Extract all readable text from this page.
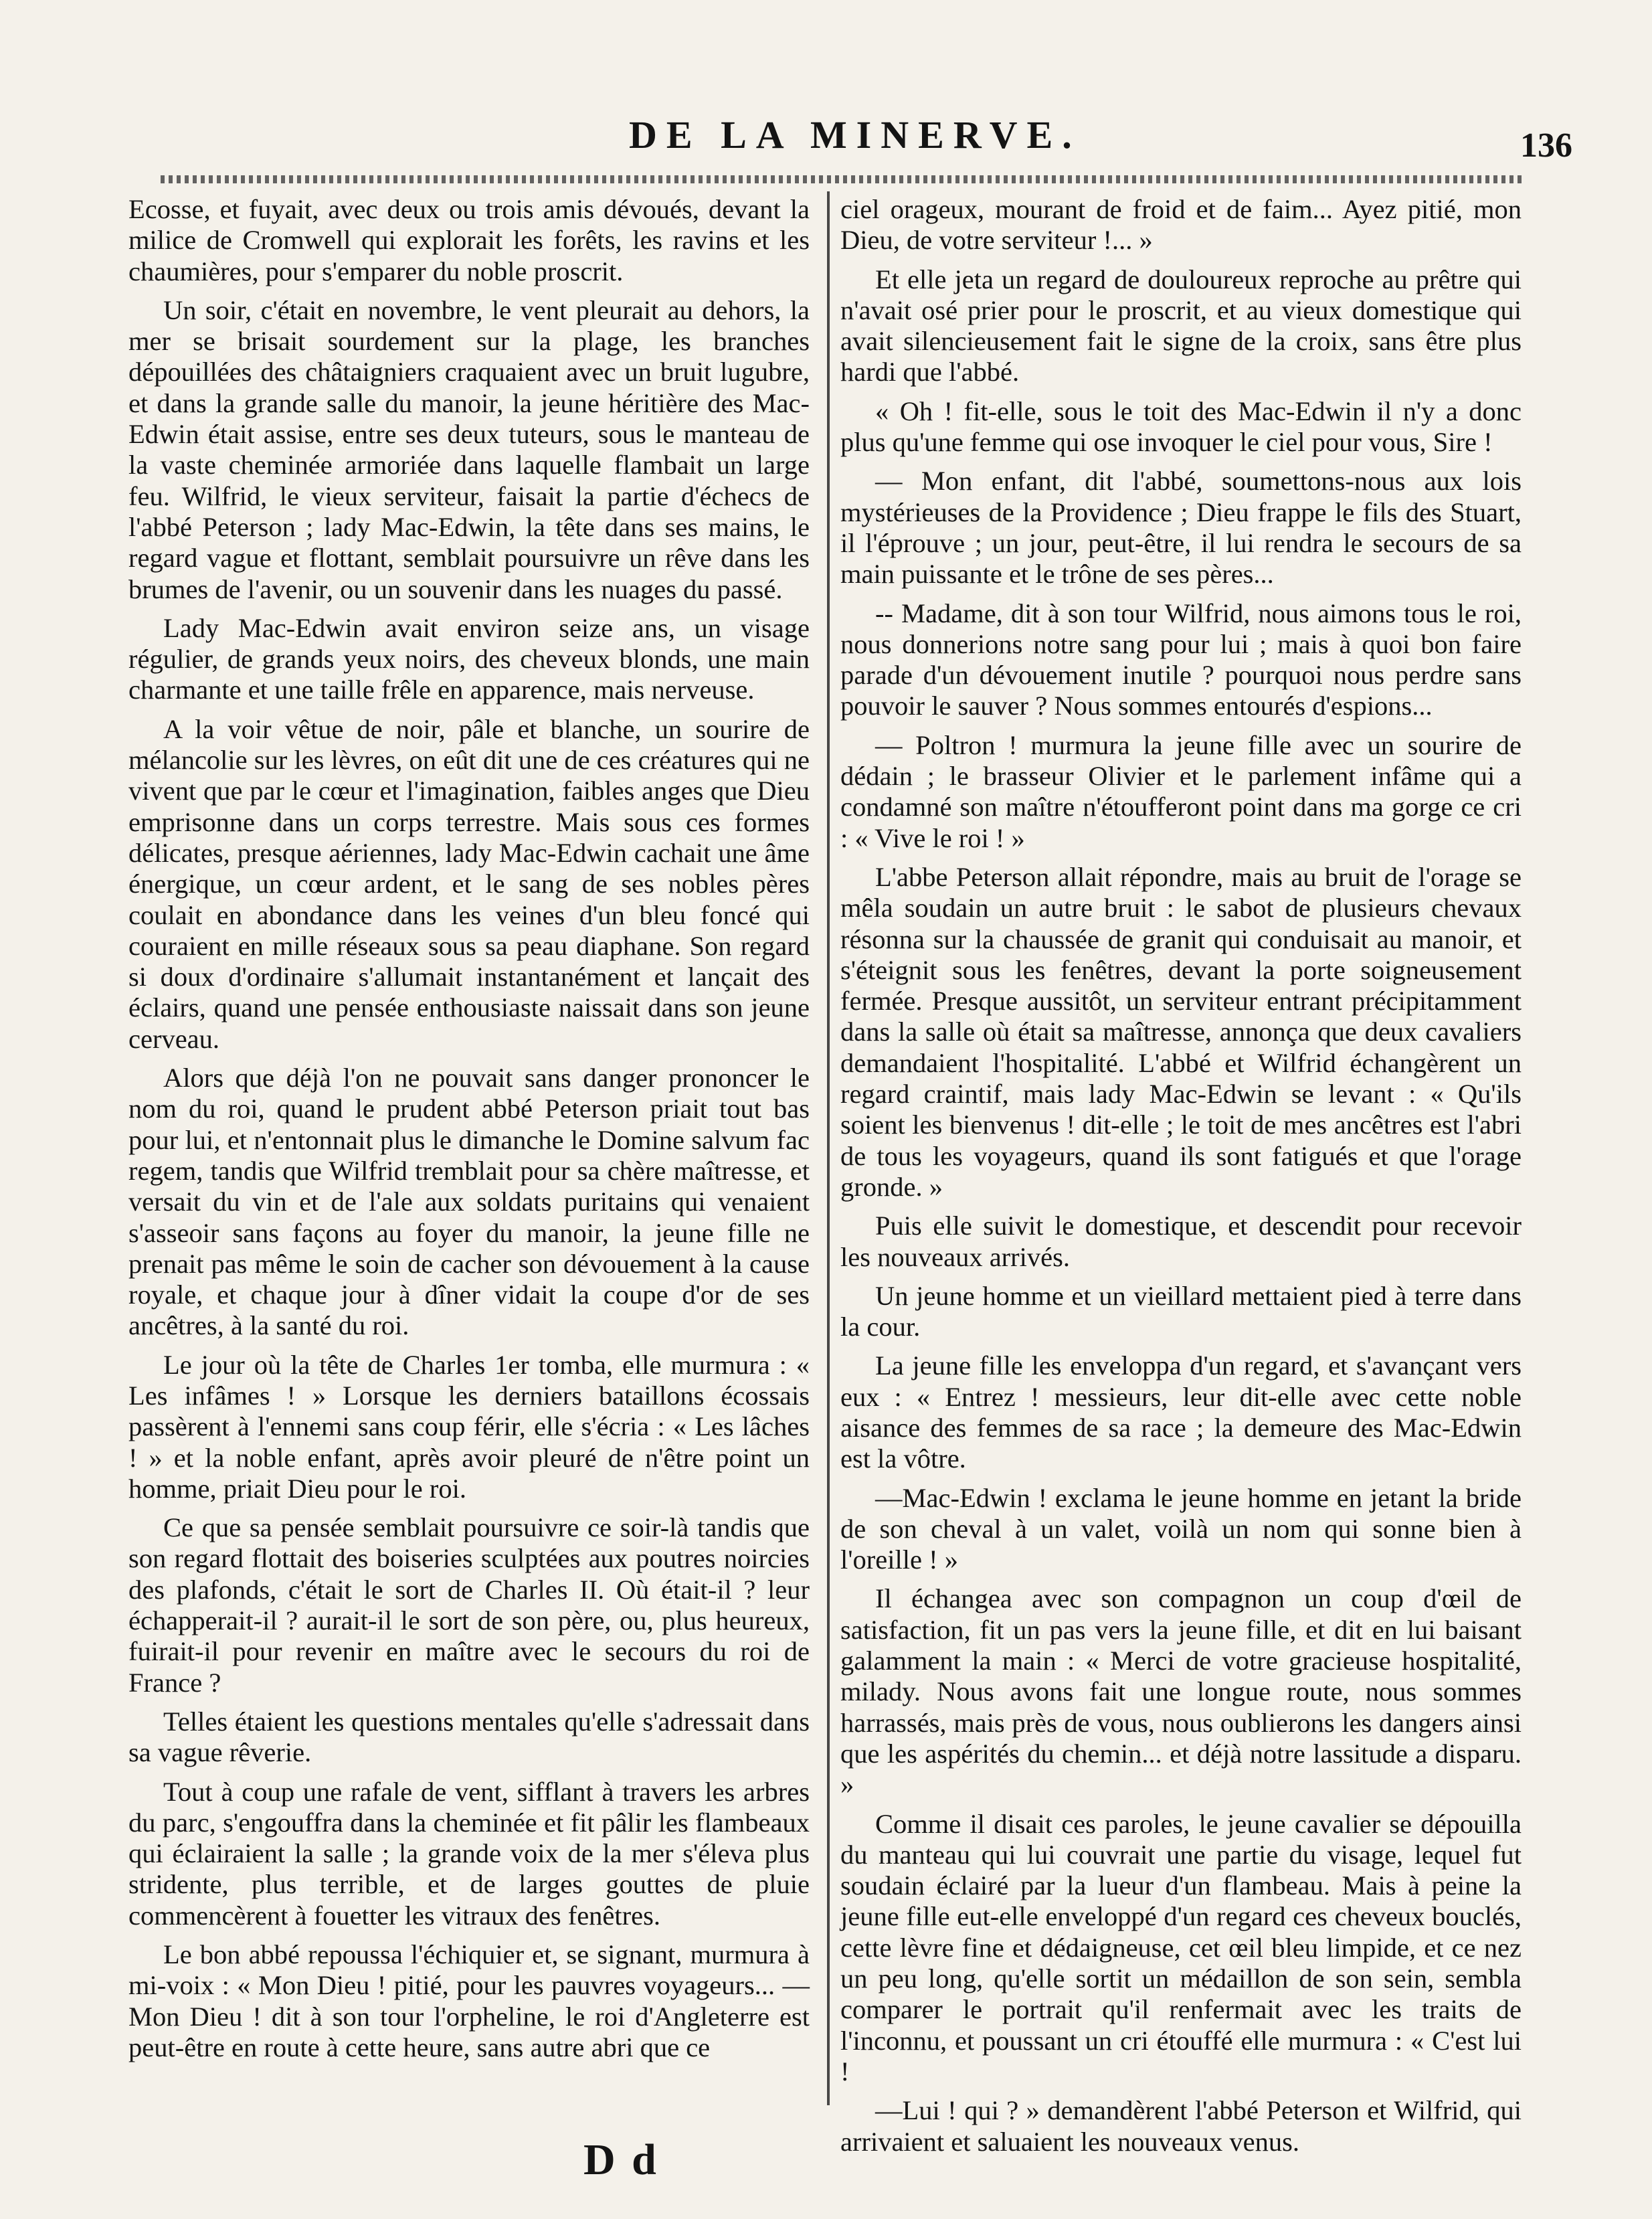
DE LA MINERVE.	136

Ecosse, et fuyait, avec deux ou trois amis dévoués, devant la milice de Cromwell qui explorait les forêts, les ravins et les chaumières, pour s'emparer du noble proscrit.

Un soir, c'était en novembre, le vent pleurait au dehors, la mer se brisait sourdement sur la plage, les branches dépouillées des châtaigniers craquaient avec un bruit lugubre, et dans la grande salle du manoir, la jeune héritière des Mac-Edwin était assise, entre ses deux tuteurs, sous le manteau de la vaste cheminée armoriée dans laquelle flambait un large feu. Wilfrid, le vieux serviteur, faisait la partie d'échecs de l'abbé Peterson ; lady Mac-Edwin, la tête dans ses mains, le regard vague et flottant, semblait poursuivre un rêve dans les brumes de l'avenir, ou un souvenir dans les nuages du passé.

Lady Mac-Edwin avait environ seize ans, un visage régulier, de grands yeux noirs, des cheveux blonds, une main charmante et une taille frêle en apparence, mais nerveuse.

A la voir vêtue de noir, pâle et blanche, un sourire de mélancolie sur les lèvres, on eût dit une de ces créatures qui ne vivent que par le cœur et l'imagination, faibles anges que Dieu emprisonne dans un corps terrestre. Mais sous ces formes délicates, presque aériennes, lady Mac-Edwin cachait une âme énergique, un cœur ardent, et le sang de ses nobles pères coulait en abondance dans les veines d'un bleu foncé qui couraient en mille réseaux sous sa peau diaphane. Son regard si doux d'ordinaire s'allumait instantanément et lançait des éclairs, quand une pensée enthousiaste naissait dans son jeune cerveau.

Alors que déjà l'on ne pouvait sans danger prononcer le nom du roi, quand le prudent abbé Peterson priait tout bas pour lui, et n'entonnait plus le dimanche le Domine salvum fac regem, tandis que Wilfrid tremblait pour sa chère maîtresse, et versait du vin et de l'ale aux soldats puritains qui venaient s'asseoir sans façons au foyer du manoir, la jeune fille ne prenait pas même le soin de cacher son dévouement à la cause royale, et chaque jour à dîner vidait la coupe d'or de ses ancêtres, à la santé du roi.

Le jour où la tête de Charles 1er tomba, elle murmura : « Les infâmes ! » Lorsque les derniers bataillons écossais passèrent à l'ennemi sans coup férir, elle s'écria : « Les lâches ! » et la noble enfant, après avoir pleuré de n'être point un homme, priait Dieu pour le roi.

Ce que sa pensée semblait poursuivre ce soir-là tandis que son regard flottait des boiseries sculptées aux poutres noircies des plafonds, c'était le sort de Charles II. Où était-il ? leur échapperait-il ? aurait-il le sort de son père, ou, plus heureux, fuirait-il pour revenir en maître avec le secours du roi de France ?

Telles étaient les questions mentales qu'elle s'adressait dans sa vague rêverie.

Tout à coup une rafale de vent, sifflant à travers les arbres du parc, s'engouffra dans la cheminée et fit pâlir les flambeaux qui éclairaient la salle ; la grande voix de la mer s'éleva plus stridente, plus terrible, et de larges gouttes de pluie commencèrent à fouetter les vitraux des fenêtres.

Le bon abbé repoussa l'échiquier et, se signant, murmura à mi-voix : « Mon Dieu ! pitié, pour les pauvres voyageurs... —Mon Dieu ! dit à son tour l'orpheline, le roi d'Angleterre est peut-être en route à cette heure, sans autre abri que ce

ciel orageux, mourant de froid et de faim... Ayez pitié, mon Dieu, de votre serviteur !... »

Et elle jeta un regard de douloureux reproche au prêtre qui n'avait osé prier pour le proscrit, et au vieux domestique qui avait silencieusement fait le signe de la croix, sans être plus hardi que l'abbé.

« Oh ! fit-elle, sous le toit des Mac-Edwin il n'y a donc plus qu'une femme qui ose invoquer le ciel pour vous, Sire !

— Mon enfant, dit l'abbé, soumettons-nous aux lois mystérieuses de la Providence ; Dieu frappe le fils des Stuart, il l'éprouve ; un jour, peut-être, il lui rendra le secours de sa main puissante et le trône de ses pères...

-- Madame, dit à son tour Wilfrid, nous aimons tous le roi, nous donnerions notre sang pour lui ; mais à quoi bon faire parade d'un dévouement inutile ? pourquoi nous perdre sans pouvoir le sauver ? Nous sommes entourés d'espions...

— Poltron ! murmura la jeune fille avec un sourire de dédain ; le brasseur Olivier et le parlement infâme qui a condamné son maître n'étoufferont point dans ma gorge ce cri : « Vive le roi ! »

L'abbe Peterson allait répondre, mais au bruit de l'orage se mêla soudain un autre bruit : le sabot de plusieurs chevaux résonna sur la chaussée de granit qui conduisait au manoir, et s'éteignit sous les fenêtres, devant la porte soigneusement fermée. Presque aussitôt, un serviteur entrant précipitamment dans la salle où était sa maîtresse, annonça que deux cavaliers demandaient l'hospitalité. L'abbé et Wilfrid échangèrent un regard craintif, mais lady Mac-Edwin se levant : « Qu'ils soient les bienvenus ! dit-elle ; le toit de mes ancêtres est l'abri de tous les voyageurs, quand ils sont fatigués et que l'orage gronde. »

Puis elle suivit le domestique, et descendit pour recevoir les nouveaux arrivés.

Un jeune homme et un vieillard mettaient pied à terre dans la cour.

La jeune fille les enveloppa d'un regard, et s'avançant vers eux : « Entrez ! messieurs, leur dit-elle avec cette noble aisance des femmes de sa race ; la demeure des Mac-Edwin est la vôtre.

—Mac-Edwin ! exclama le jeune homme en jetant la bride de son cheval à un valet, voilà un nom qui sonne bien à l'oreille ! »

Il échangea avec son compagnon un coup d'œil de satisfaction, fit un pas vers la jeune fille, et dit en lui baisant galamment la main : « Merci de votre gracieuse hospitalité, milady. Nous avons fait une longue route, nous sommes harrassés, mais près de vous, nous oublierons les dangers ainsi que les aspérités du chemin... et déjà notre lassitude a disparu. »

Comme il disait ces paroles, le jeune cavalier se dépouilla du manteau qui lui couvrait une partie du visage, lequel fut soudain éclairé par la lueur d'un flambeau. Mais à peine la jeune fille eut-elle enveloppé d'un regard ces cheveux bouclés, cette lèvre fine et dédaigneuse, cet œil bleu limpide, et ce nez un peu long, qu'elle sortit un médaillon de son sein, sembla comparer le portrait qu'il renfermait avec les traits de l'inconnu, et poussant un cri étouffé elle murmura : « C'est lui !

—Lui ! qui ? » demandèrent l'abbé Peterson et Wilfrid, qui arrivaient et saluaient les nouveaux venus.

D d
